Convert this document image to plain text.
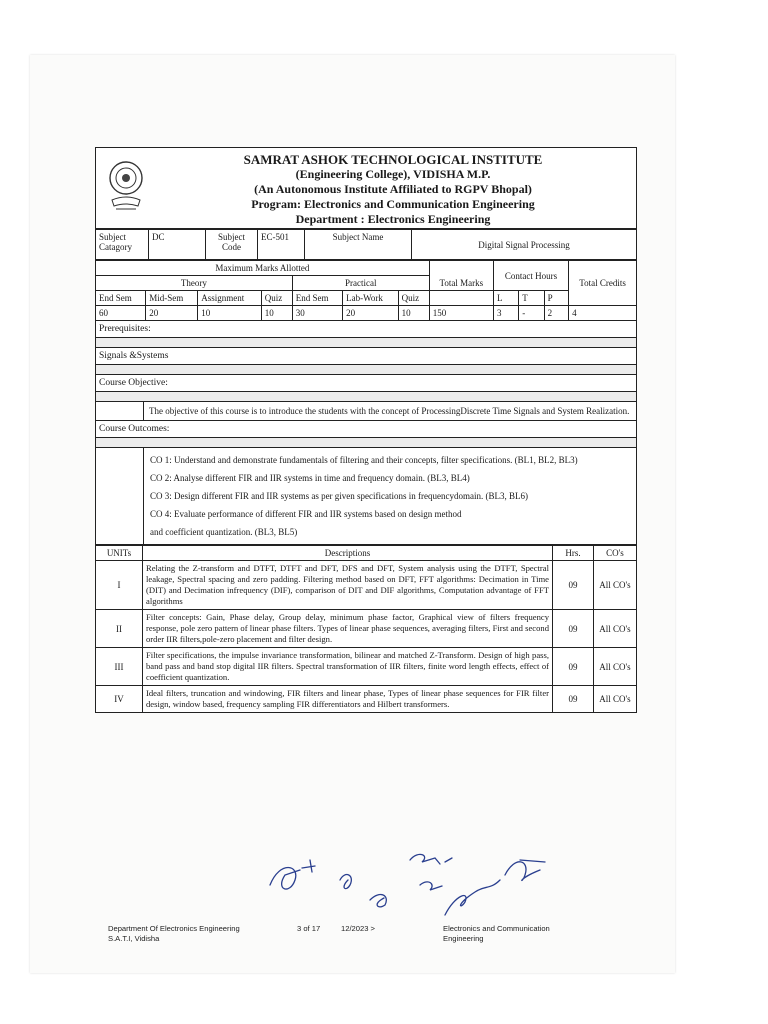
SAMRAT ASHOK TECHNOLOGICAL INSTITUTE
(Engineering College), VIDISHA M.P.
(An Autonomous Institute Affiliated to RGPV Bhopal)
Program: Electronics and Communication Engineering
Department : Electronics Engineering
Subject Catagory	DC	Subject Code	EC-501	Subject Name	Digital Signal Processing
Maximum Marks Allotted							Total Marks	Contact Hours			Total Credits
Theory				Practical							
End Sem	Mid-Sem	Assignment	Quiz	End Sem	Lab-Work	Quiz		L	T	P	
60	20	10	10	30	20	10	150	3	-	2	4
Prerequisites:
Signals &Systems
Course Objective:
The objective of this course is to introduce the students with the concept of ProcessingDiscrete Time Signals and System Realization.
Course Outcomes:
CO 1: Understand and demonstrate fundamentals of filtering and their concepts, filter specifications. (BL1, BL2, BL3)
CO 2: Analyse different FIR and IIR systems in time and frequency domain. (BL3, BL4)
CO 3: Design different FIR and IIR systems as per given specifications in frequencydomain. (BL3, BL6)
CO 4: Evaluate performance of different FIR and IIR systems based on design method
and coefficient quantization. (BL3, BL5)
UNITs	Descriptions	Hrs.	CO's
I	Relating the Z-transform and DTFT, DTFT and DFT, DFS and DFT, System analysis using the DTFT, Spectral leakage, Spectral spacing and zero padding. Filtering method based on DFT, FFT algorithms: Decimation in Time (DIT) and Decimation infrequency (DIF), comparison of DIT and DIF algorithms, Computation advantage of FFT algorithms	09	All CO's
II	Filter concepts: Gain, Phase delay, Group delay, minimum phase factor, Graphical view of filters frequency response, pole zero pattern of linear phase filters. Types of linear phase sequences, averaging filters, First and second order IIR filters,pole-zero placement and filter design.	09	All CO's
III	Filter specifications, the impulse invariance transformation, bilinear and matched Z-Transform. Design of high pass, band pass and band stop digital IIR filters. Spectral transformation of IIR filters, finite word length effects, effect of coefficient quantization.	09	All CO's
IV	Ideal filters, truncation and windowing, FIR filters and linear phase, Types of linear phase sequences for FIR filter design, window based, frequency sampling FIR differentiators and Hilbert transformers.	09	All CO's
Department Of Electronics Engineering
S.A.T.I, Vidisha
3 of 17	12/2023 >	Electronics and Communication
Engineering
